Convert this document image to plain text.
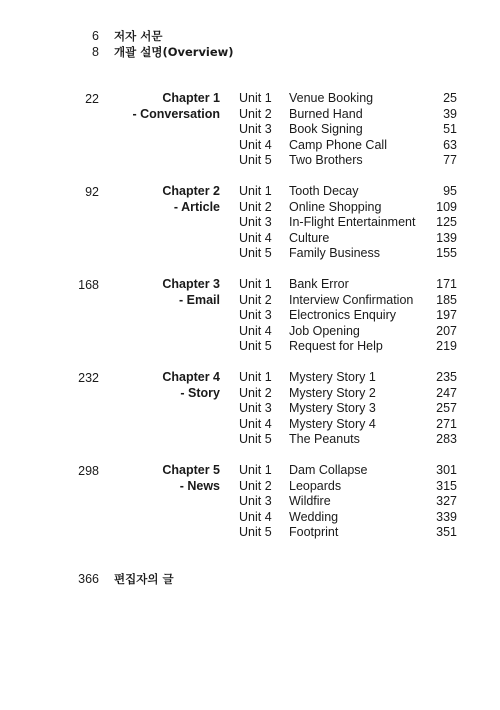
6 저자 서문
8 개괄 설명(Overview)
22	Chapter 1
- Conversation
Unit 1 Venue Booking	25
Unit 2 Burned Hand	39
Unit 3 Book Signing	51
Unit 4 Camp Phone Call	63
Unit 5 Two Brothers	77
92	Chapter 2
- Article
Unit 1 Tooth Decay	95
Unit 2 Online Shopping	109
Unit 3 In-Flight Entertainment	125
Unit 4 Culture	139
Unit 5 Family Business	155
168	Chapter 3
- Email
Unit 1 Bank Error	171
Unit 2 Interview Confirmation	185
Unit 3 Electronics Enquiry	197
Unit 4 Job Opening	207
Unit 5 Request for Help	219
232	Chapter 4
- Story
Unit 1 Mystery Story 1	235
Unit 2 Mystery Story 2	247
Unit 3 Mystery Story 3	257
Unit 4 Mystery Story 4	271
Unit 5 The Peanuts	283
298	Chapter 5
- News
Unit 1 Dam Collapse	301
Unit 2 Leopards	315
Unit 3 Wildfire	327
Unit 4 Wedding	339
Unit 5 Footprint	351
366 편집자의 글
